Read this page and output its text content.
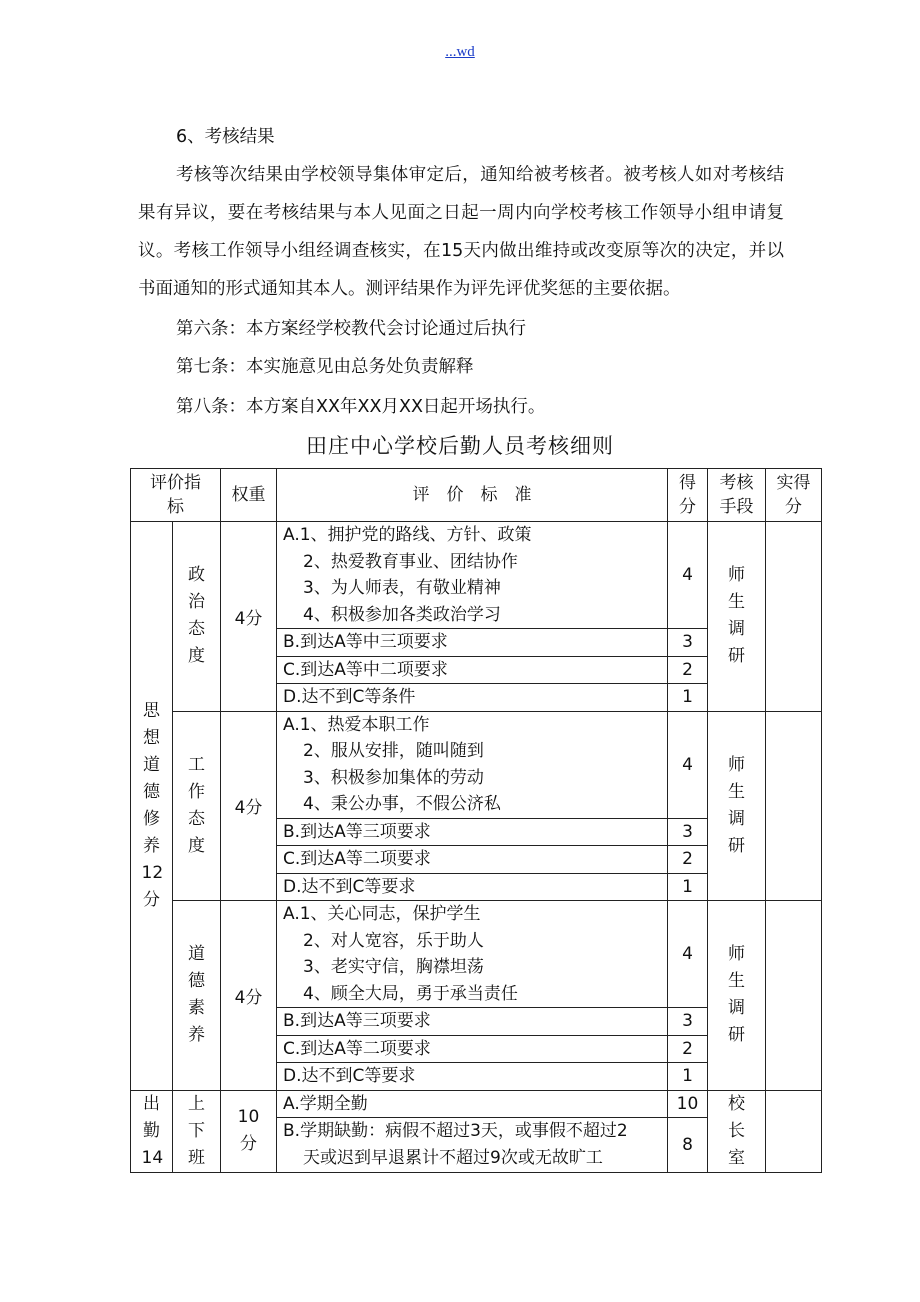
...wd
6、考核结果
考核等次结果由学校领导集体审定后，通知给被考核者。被考核人如对考核结果有异议，要在考核结果与本人见面之日起一周内向学校考核工作领导小组申请复议。考核工作领导小组经调查核实，在15天内做出维持或改变原等次的决定，并以书面通知的形式通知其本人。测评结果作为评先评优奖惩的主要依据。
第六条：本方案经学校教代会讨论通过后执行
第七条：本实施意见由总务处负责解释
第八条：本方案自XX年XX月XX日起开场执行。
田庄中心学校后勤人员考核细则
评价指标		权重	评　价　标　准	得分	考核手段	实得分

思想道德修养12分	政治态度	4分	A.1、拥护党的路线、方针、政策
2、热爱教育事业、团结协作
3、为人师表，有敬业精神
4、积极参加各类政治学习	4	师生调研	

			B.到达A等中三项要求	3		
			C.到达A等中二项要求	2		
			D.达不到C等条件	1		

	工作态度	4分	A.1、热爱本职工作
2、服从安排，随叫随到
3、积极参加集体的劳动
4、秉公办事，不假公济私	4	师生调研	

			B.到达A等三项要求	3		
			C.到达A等二项要求	2		
			D.达不到C等要求	1		

	道德素养	4分	A.1、关心同志，保护学生
2、对人宽容，乐于助人
3、老实守信，胸襟坦荡
4、顾全大局，勇于承当责任	4	师生调研	

			B.到达A等三项要求	3		
			C.到达A等二项要求	2		
			D.达不到C等要求	1		

出勤14	上下班	10分	A.学期全勤	10	校长室	

			B.学期缺勤：病假不超过3天，或事假不超过2
天或迟到早退累计不超过9次或无故旷工	8		
